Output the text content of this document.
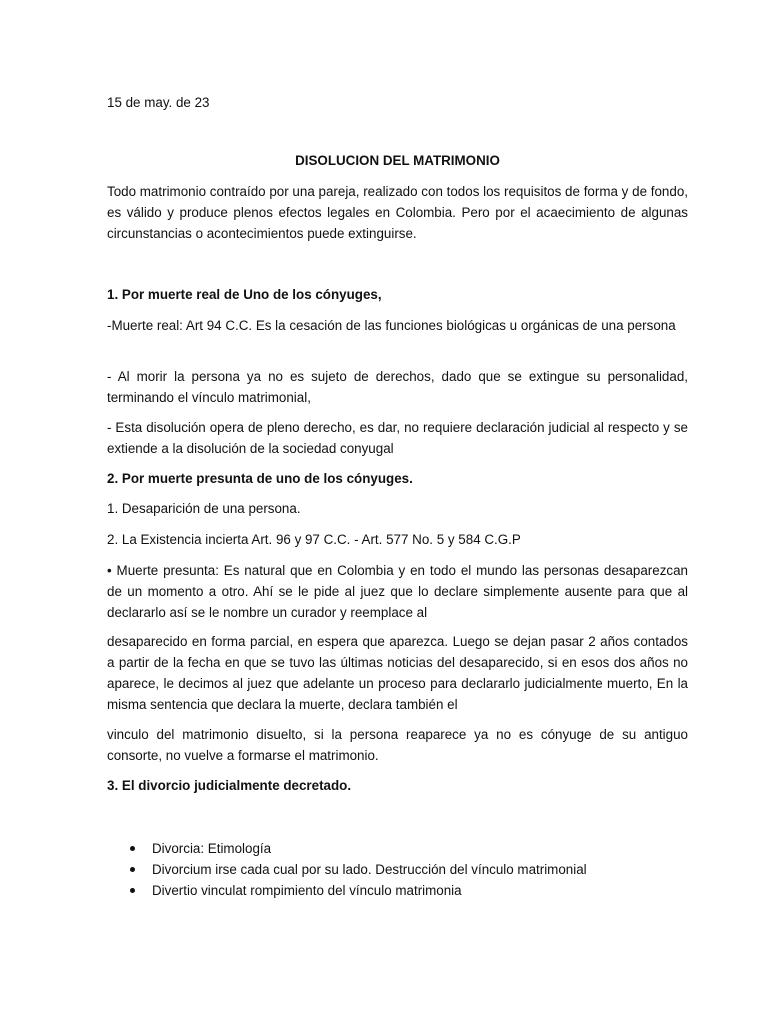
15 de may. de 23

DISOLUCION DEL MATRIMONIO

Todo matrimonio contraído por una pareja, realizado con todos los requisitos de forma y de fondo, es válido y produce plenos efectos legales en Colombia. Pero por el acaecimiento de algunas circunstancias o acontecimientos puede extinguirse.

1. Por muerte real de Uno de los cónyuges,

-Muerte real: Art 94 C.C. Es la cesación de las funciones biológicas u orgánicas de una persona

- Al morir la persona ya no es sujeto de derechos, dado que se extingue su personalidad, terminando el vínculo matrimonial,

- Esta disolución opera de pleno derecho, es dar, no requiere declaración judicial al respecto y se extiende a la disolución de la sociedad conyugal

2. Por muerte presunta de uno de los cónyuges.

1. Desaparición de una persona.

2. La Existencia incierta Art. 96 y 97 C.C. - Art. 577 No. 5 y 584 C.G.P

• Muerte presunta: Es natural que en Colombia y en todo el mundo las personas desaparezcan de un momento a otro. Ahí se le pide al juez que lo declare simplemente ausente para que al declararlo así se le nombre un curador y reemplace al

desaparecido en forma parcial, en espera que aparezca. Luego se dejan pasar 2 años contados a partir de la fecha en que se tuvo las últimas noticias del desaparecido, si en esos dos años no aparece, le decimos al juez que adelante un proceso para declararlo judicialmente muerto, En la misma sentencia que declara la muerte, declara también el

vinculo del matrimonio disuelto, si la persona reaparece ya no es cónyuge de su antiguo consorte, no vuelve a formarse el matrimonio.

3. El divorcio judicialmente decretado.

Divorcia: Etimología
Divorcium irse cada cual por su lado. Destrucción del vínculo matrimonial
Divertio vinculat rompimiento del vínculo matrimonia
